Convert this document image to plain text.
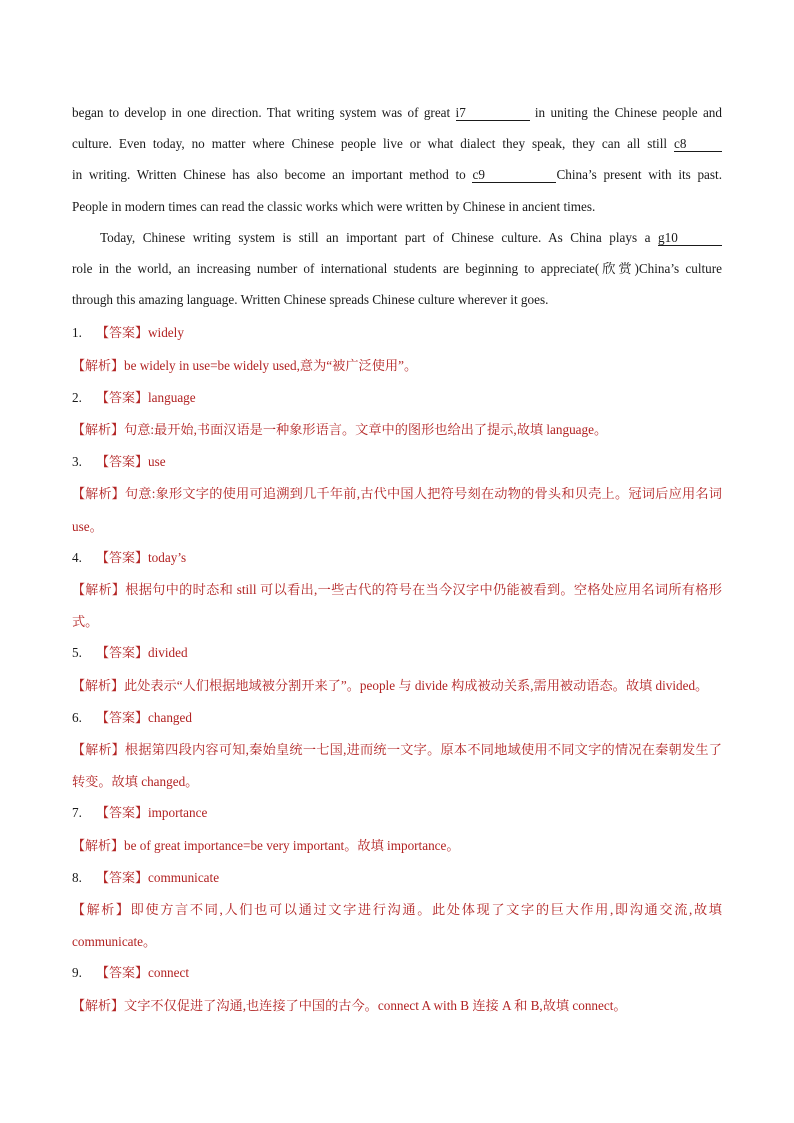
began to develop in one direction. That writing system was of great i 7	in uniting the Chinese people and
culture. Even today, no matter where Chinese people live or what dialect they speak, they can all still c 8
in writing. Written Chinese has also become an important method to c 9	China’s present with its past.
People in modern times can read the classic works which were written by Chinese in ancient times.
Today, Chinese writing system is still an important part of Chinese culture. As China plays a g 10
role in the world, an increasing number of international students are beginning to appreciate(欣赏)China’s culture
through this amazing language. Written Chinese spreads Chinese culture wherever it goes.
1. 【答案】widely
【解析】be widely in use=be widely used,意为“被广泛使用”。
2. 【答案】language
【解析】句意:最开始,书面汉语是一种象形语言。文章中的图形也给出了提示,故填 language。
3. 【答案】use
【解析】句意:象形文字的使用可追溯到几千年前,古代中国人把符号刻在动物的骨头和贝壳上。冠词后应用名词 use。
4. 【答案】today’s
【解析】根据句中的时态和 still 可以看出,一些古代的符号在当今汉字中仍能被看到。空格处应用名词所有格形式。
5. 【答案】divided
【解析】此处表示“人们根据地域被分割开来了”。people 与 divide 构成被动关系,需用被动语态。故填 divided。
6. 【答案】changed
【解析】根据第四段内容可知,秦始皇统一七国,进而统一文字。原本不同地域使用不同文字的情况在秦朝发生了转变。故填 changed。
7. 【答案】importance
【解析】be of great importance=be very important。故填 importance。
8. 【答案】communicate
【解析】即使方言不同,人们也可以通过文字进行沟通。此处体现了文字的巨大作用,即沟通交流,故填 communicate。
9. 【答案】connect
【解析】文字不仅促进了沟通,也连接了中国的古今。connect A with B 连接 A 和 B,故填 connect。
